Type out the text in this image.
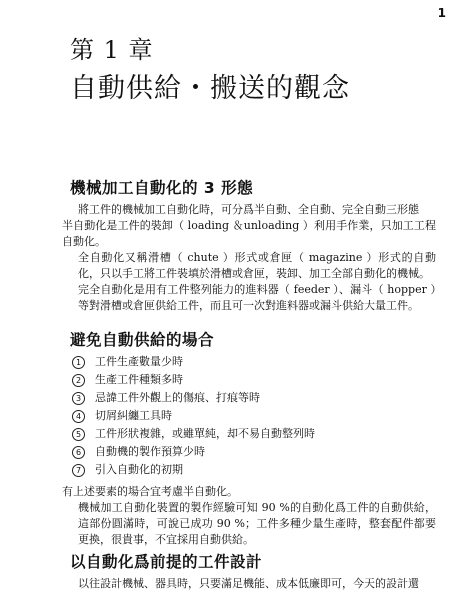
1
第 1 章
自動供給・搬送的觀念
機械加工自動化的 3 形態
將工件的機械加工自動化時，可分爲半自動、全自動、完全自動三形態
半自動化是工件的裝卸（ loading ＆unloading ）利用手作業，只加工工程自動化。
全自動化又稱滑槽（ chute ）形式或倉匣（ magazine ）形式的自動化，只以手工將工件裝填於滑槽或倉匣，裝卸、加工全部自動化的機械。
完全自動化是用有工件整列能力的進料器（ feeder ）、漏斗（ hopper ）等對滑槽或倉匣供給工件，而且可一次對進料器或漏斗供給大量工件。
避免自動供給的場合
1	工件生產數量少時
2	生產工件種類多時
3	忌諱工件外觀上的傷痕、打痕等時
4	切屑糾纏工具時
5	工件形狀複雜，或雖單純，却不易自動整列時
6	自動機的製作預算少時
7	引入自動化的初期
有上述要素的場合宜考慮半自動化。
機械加工自動化裝置的製作經驗可知 90 %的自動化爲工件的自動供給，這部份圓滿時，可說已成功 90 %；工件多種少量生產時，整套配件都要更換，很貴事，不宜採用自動供給。
以自動化爲前提的工件設計
以往設計機械、器具時，只要滿足機能、成本低廉即可，今天的設計還
